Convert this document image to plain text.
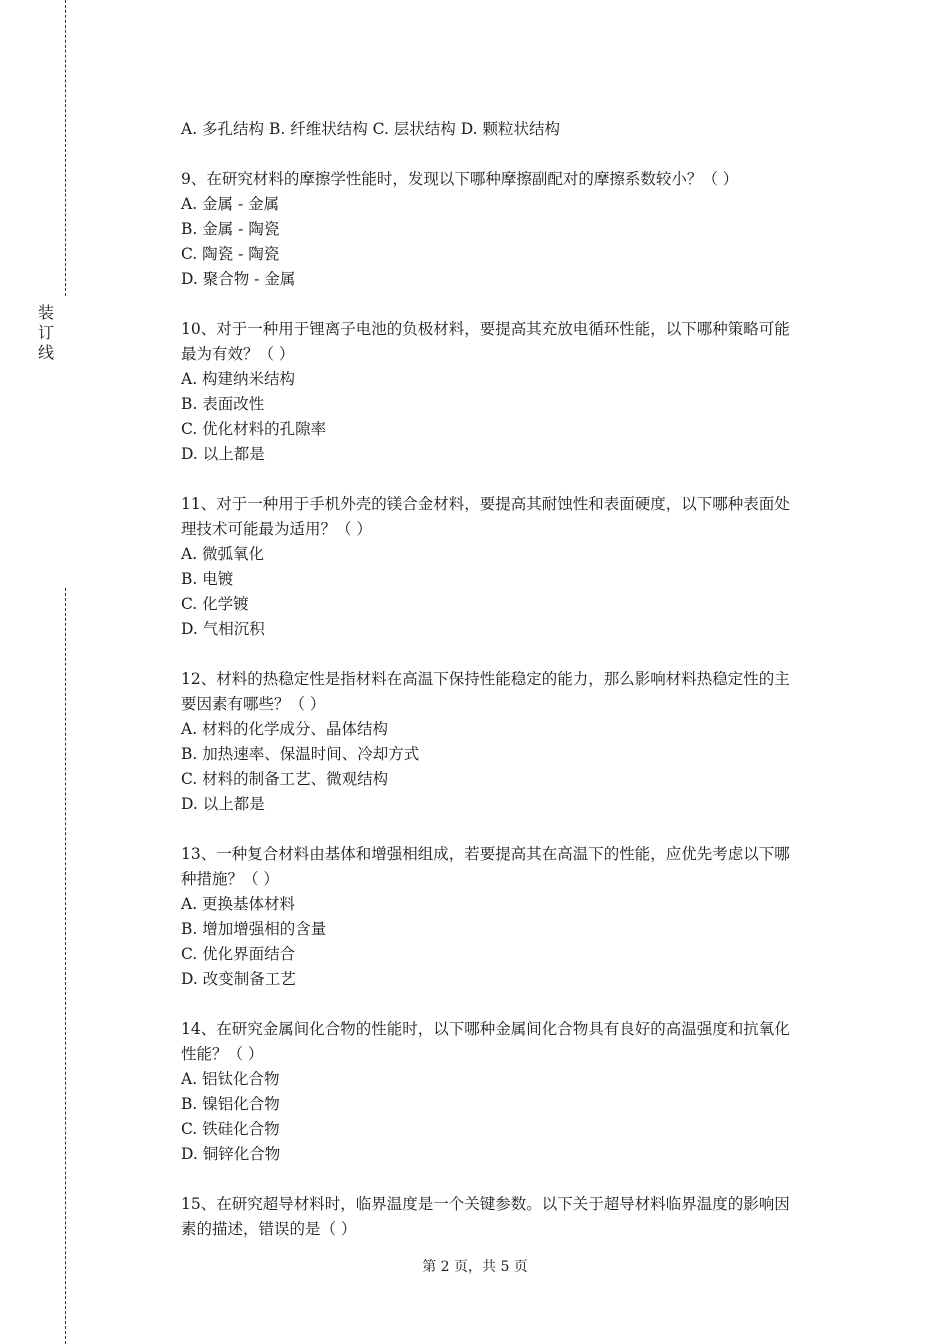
装
订
线
A. 多孔结构 B. 纤维状结构 C. 层状结构 D. 颗粒状结构
9、在研究材料的摩擦学性能时，发现以下哪种摩擦副配对的摩擦系数较小？（ ）
A. 金属 - 金属
B. 金属 - 陶瓷
C. 陶瓷 - 陶瓷
D. 聚合物 - 金属
10、对于一种用于锂离子电池的负极材料，要提高其充放电循环性能，以下哪种策略可能
最为有效？（ ）
A. 构建纳米结构
B. 表面改性
C. 优化材料的孔隙率
D. 以上都是
11、对于一种用于手机外壳的镁合金材料，要提高其耐蚀性和表面硬度，以下哪种表面处
理技术可能最为适用？（ ）
A. 微弧氧化
B. 电镀
C. 化学镀
D. 气相沉积
12、材料的热稳定性是指材料在高温下保持性能稳定的能力，那么影响材料热稳定性的主
要因素有哪些？（ ）
A. 材料的化学成分、晶体结构
B. 加热速率、保温时间、冷却方式
C. 材料的制备工艺、微观结构
D. 以上都是
13、一种复合材料由基体和增强相组成，若要提高其在高温下的性能，应优先考虑以下哪
种措施？（ ）
A. 更换基体材料
B. 增加增强相的含量
C. 优化界面结合
D. 改变制备工艺
14、在研究金属间化合物的性能时，以下哪种金属间化合物具有良好的高温强度和抗氧化
性能？（ ）
A. 铝钛化合物
B. 镍铝化合物
C. 铁硅化合物
D. 铜锌化合物
15、在研究超导材料时，临界温度是一个关键参数。以下关于超导材料临界温度的影响因
素的描述，错误的是（ ）
第 2 页，共 5 页
